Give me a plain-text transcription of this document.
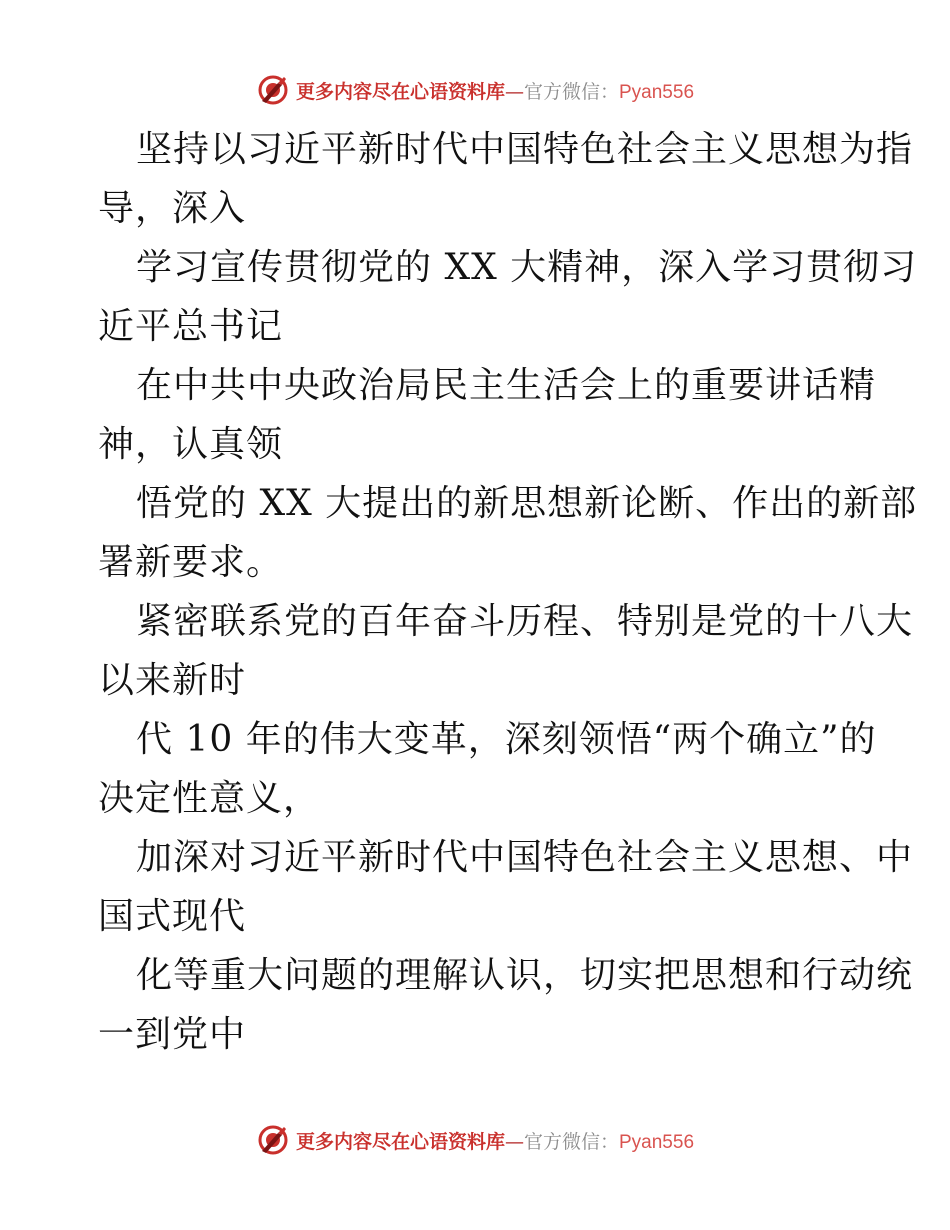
更多内容尽在心语资料库—官方微信：Pyan556
坚持以习近平新时代中国特色社会主义思想为指
导，深入
学习宣传贯彻党的 XX 大精神，深入学习贯彻习
近平总书记
在中共中央政治局民主生活会上的重要讲话精
神，认真领
悟党的 XX 大提出的新思想新论断、作出的新部
署新要求。
紧密联系党的百年奋斗历程、特别是党的十八大
以来新时
代 10 年的伟大变革，深刻领悟“两个确立”的
决定性意义，
加深对习近平新时代中国特色社会主义思想、中
国式现代
化等重大问题的理解认识，切实把思想和行动统
一到党中
更多内容尽在心语资料库—官方微信：Pyan556
